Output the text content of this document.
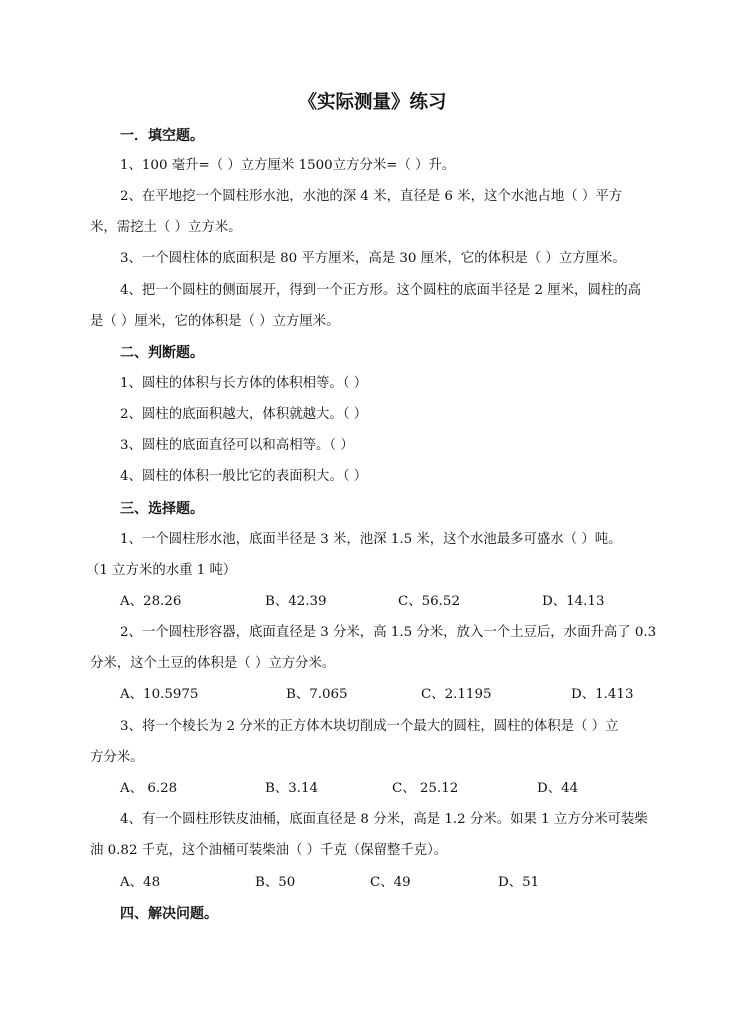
《实际测量》练习
一．填空题。
1、100 毫升=（ ）立方厘米 1500立方分米=（ ）升。
2、在平地挖一个圆柱形水池，水池的深 4 米，直径是 6 米，这个水池占地（ ）平方
米，需挖土（ ）立方米。
3、一个圆柱体的底面积是 80 平方厘米，高是 30 厘米，它的体积是（ ）立方厘米。
4、把一个圆柱的侧面展开，得到一个正方形。这个圆柱的底面半径是 2 厘米，圆柱的高
是（ ）厘米，它的体积是（ ）立方厘米。
二、判断题。
1、圆柱的体积与长方体的体积相等。（ ）
2、圆柱的底面积越大，体积就越大。（ ）
3、圆柱的底面直径可以和高相等。（ ）
4、圆柱的体积一般比它的表面积大。（ ）
三、选择题。
1、一个圆柱形水池，底面半径是 3 米，池深 1.5 米，这个水池最多可盛水（ ）吨。
（1 立方米的水重 1 吨）
A、28.26	B、42.39	C、56.52	D、14.13
2、一个圆柱形容器，底面直径是 3 分米，高 1.5 分米，放入一个土豆后，水面升高了 0.3
分米，这个土豆的体积是（ ）立方分米。
A、10.5975	B、7.065	C、2.1195	D、1.413
3、将一个棱长为 2 分米的正方体木块切削成一个最大的圆柱，圆柱的体积是（ ）立
方分米。
A、 6.28	B、3.14	C、 25.12	D、44
4、有一个圆柱形铁皮油桶，底面直径是 8 分米，高是 1.2 分米。如果 1 立方分米可装柴
油 0.82 千克，这个油桶可装柴油（ ）千克（保留整千克）。
A、48	B、50	C、49	D、51
四、解决问题。
